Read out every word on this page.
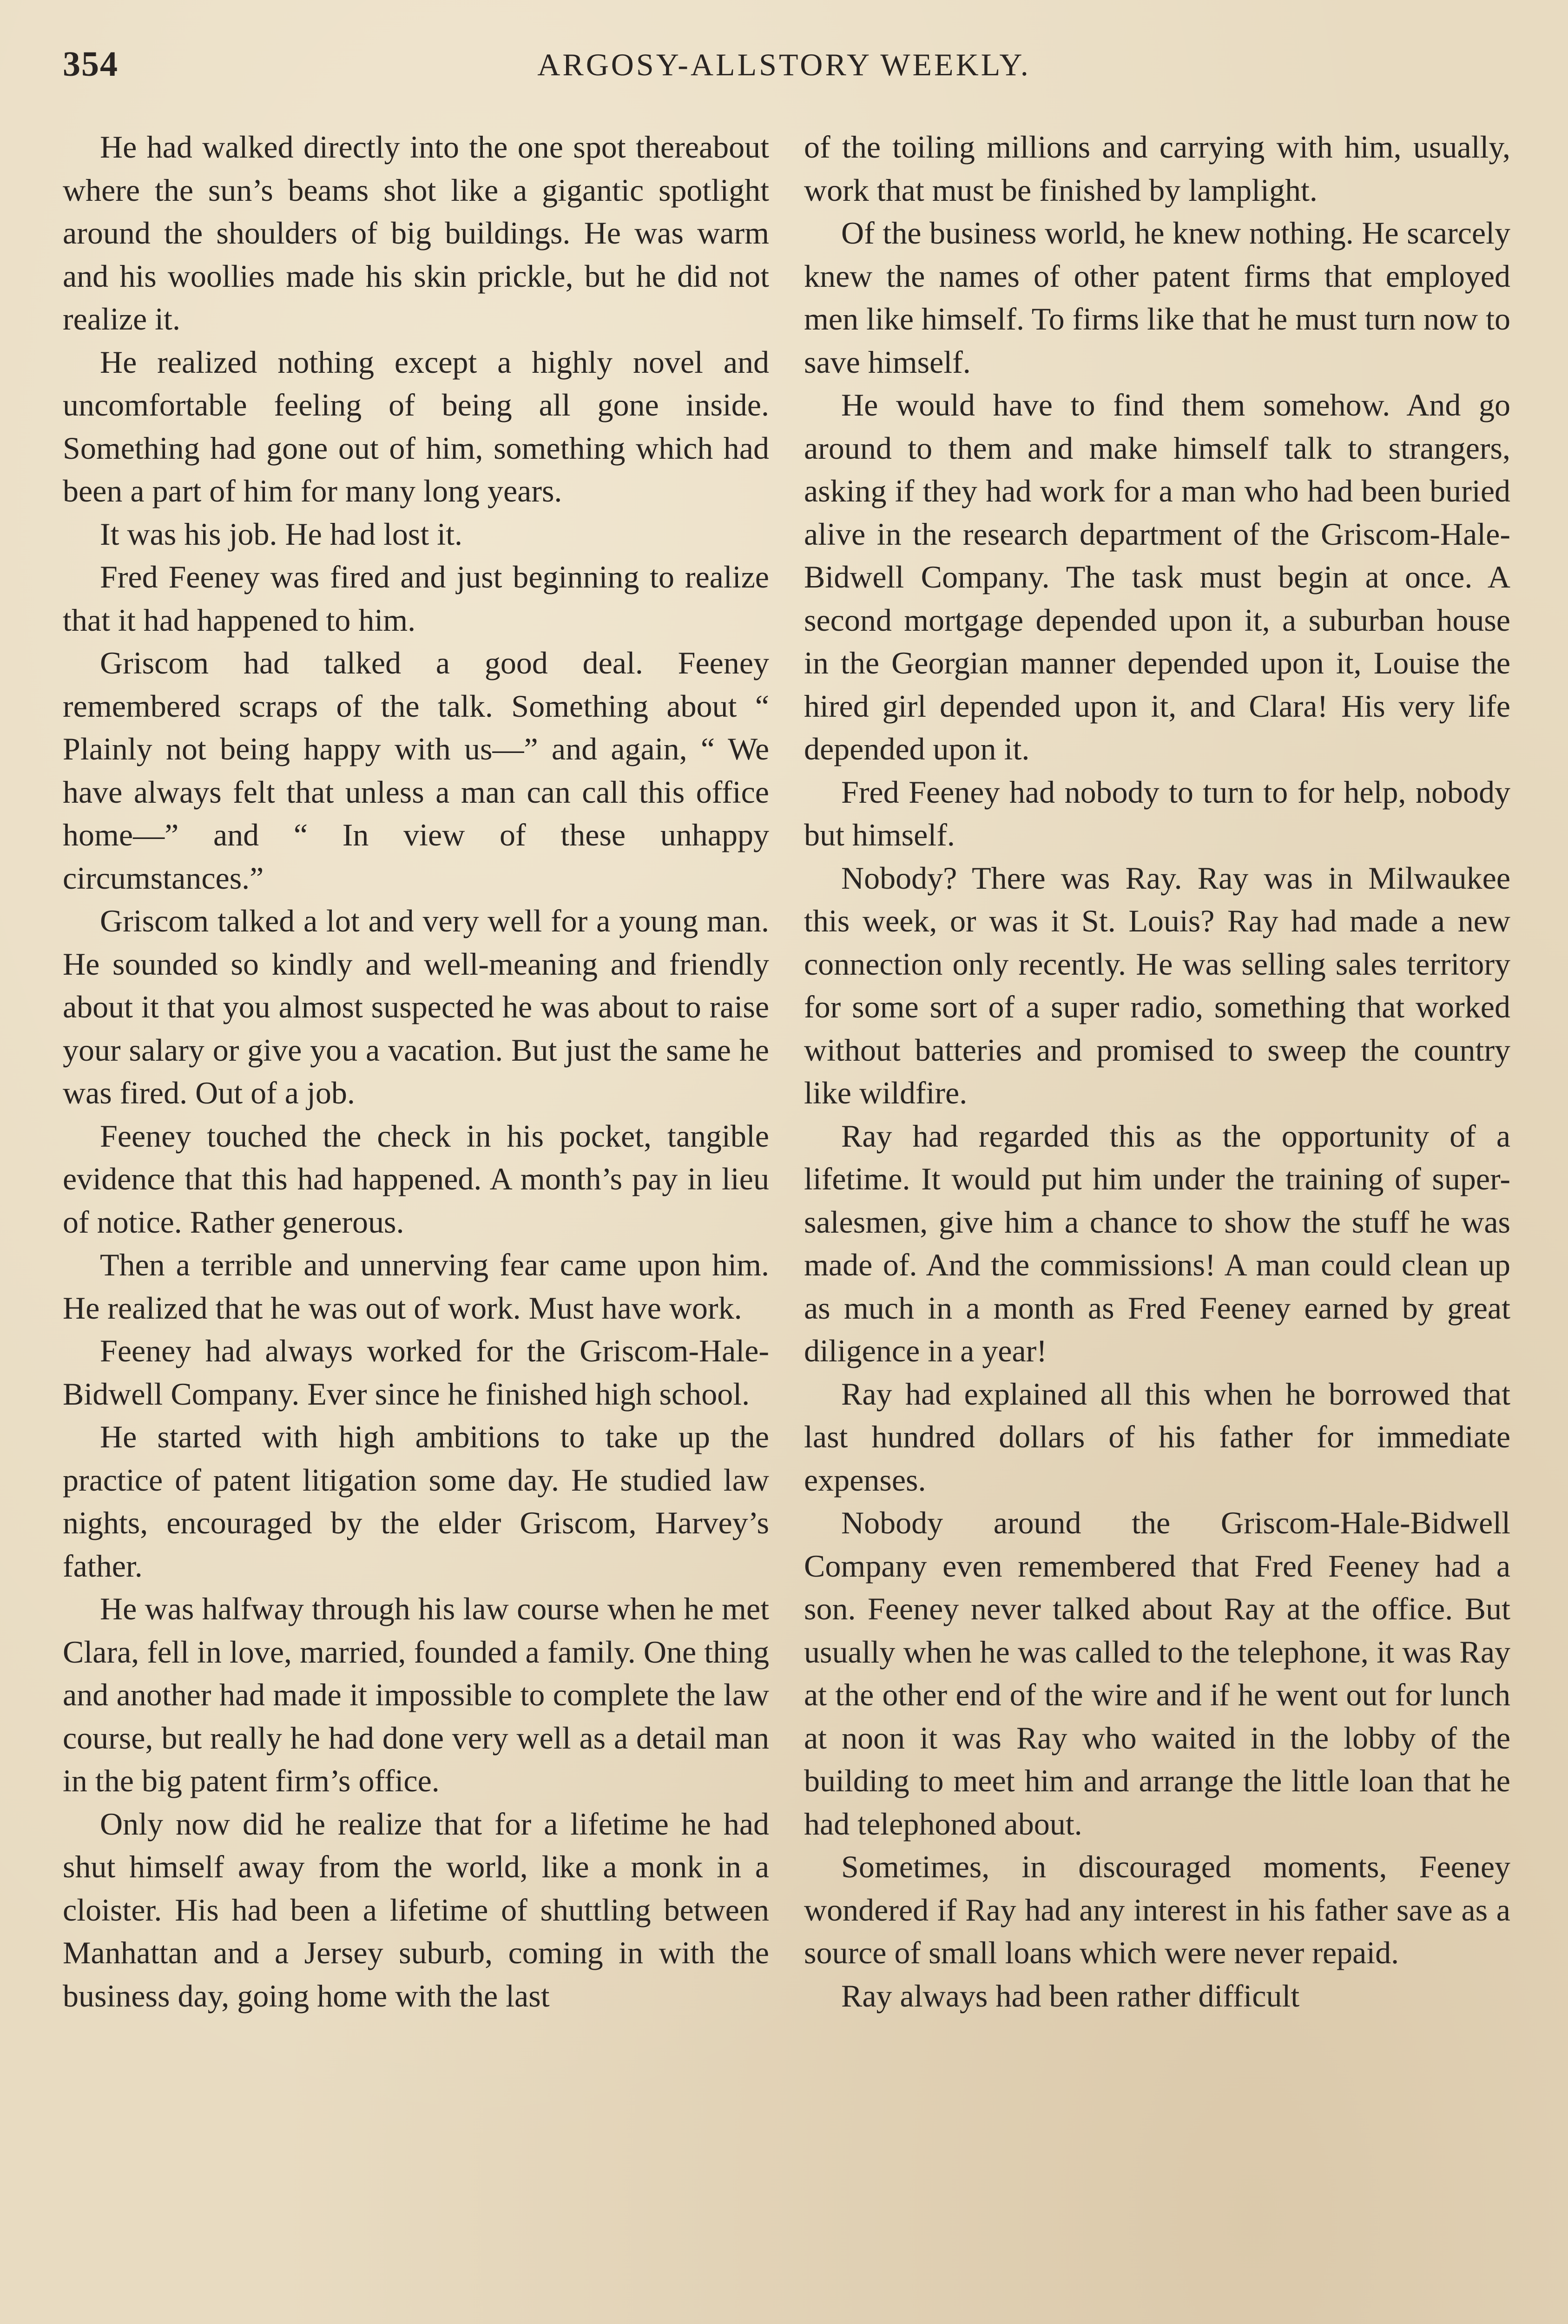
354	ARGOSY-ALLSTORY WEEKLY.

He had walked directly into the one spot thereabout where the sun’s beams shot like a gigantic spotlight around the shoulders of big buildings. He was warm and his woollies made his skin prickle, but he did not realize it.

He realized nothing except a highly novel and uncomfortable feeling of being all gone inside. Something had gone out of him, something which had been a part of him for many long years.

It was his job. He had lost it.

Fred Feeney was fired and just beginning to realize that it had happened to him.

Griscom had talked a good deal. Feeney remembered scraps of the talk. Something about “ Plainly not being happy with us—” and again, “ We have always felt that unless a man can call this office home—” and “ In view of these unhappy circumstances.”

Griscom talked a lot and very well for a young man. He sounded so kindly and well-meaning and friendly about it that you almost suspected he was about to raise your salary or give you a vacation. But just the same he was fired. Out of a job.

Feeney touched the check in his pocket, tangible evidence that this had happened. A month’s pay in lieu of notice. Rather generous.

Then a terrible and unnerving fear came upon him. He realized that he was out of work. Must have work.

Feeney had always worked for the Griscom-Hale-Bidwell Company. Ever since he finished high school.

He started with high ambitions to take up the practice of patent litigation some day. He studied law nights, encouraged by the elder Griscom, Harvey’s father.

He was halfway through his law course when he met Clara, fell in love, married, founded a family. One thing and another had made it impossible to complete the law course, but really he had done very well as a detail man in the big patent firm’s office.

Only now did he realize that for a lifetime he had shut himself away from the world, like a monk in a cloister. His had been a lifetime of shuttling between Manhattan and a Jersey suburb, coming in with the business day, going home with the last

of the toiling millions and carrying with him, usually, work that must be finished by lamplight.

Of the business world, he knew nothing. He scarcely knew the names of other patent firms that employed men like himself. To firms like that he must turn now to save himself.

He would have to find them somehow. And go around to them and make himself talk to strangers, asking if they had work for a man who had been buried alive in the research department of the Griscom-Hale-Bidwell Company. The task must begin at once. A second mortgage depended upon it, a suburban house in the Georgian manner depended upon it, Louise the hired girl depended upon it, and Clara! His very life depended upon it.

Fred Feeney had nobody to turn to for help, nobody but himself.

Nobody? There was Ray. Ray was in Milwaukee this week, or was it St. Louis? Ray had made a new connection only recently. He was selling sales territory for some sort of a super radio, something that worked without batteries and promised to sweep the country like wildfire.

Ray had regarded this as the opportunity of a lifetime. It would put him under the training of super-salesmen, give him a chance to show the stuff he was made of. And the commissions! A man could clean up as much in a month as Fred Feeney earned by great diligence in a year!

Ray had explained all this when he borrowed that last hundred dollars of his father for immediate expenses.

Nobody around the Griscom-Hale-Bidwell Company even remembered that Fred Feeney had a son. Feeney never talked about Ray at the office. But usually when he was called to the telephone, it was Ray at the other end of the wire and if he went out for lunch at noon it was Ray who waited in the lobby of the building to meet him and arrange the little loan that he had telephoned about.

Sometimes, in discouraged moments, Feeney wondered if Ray had any interest in his father save as a source of small loans which were never repaid.

Ray always had been rather difficult
